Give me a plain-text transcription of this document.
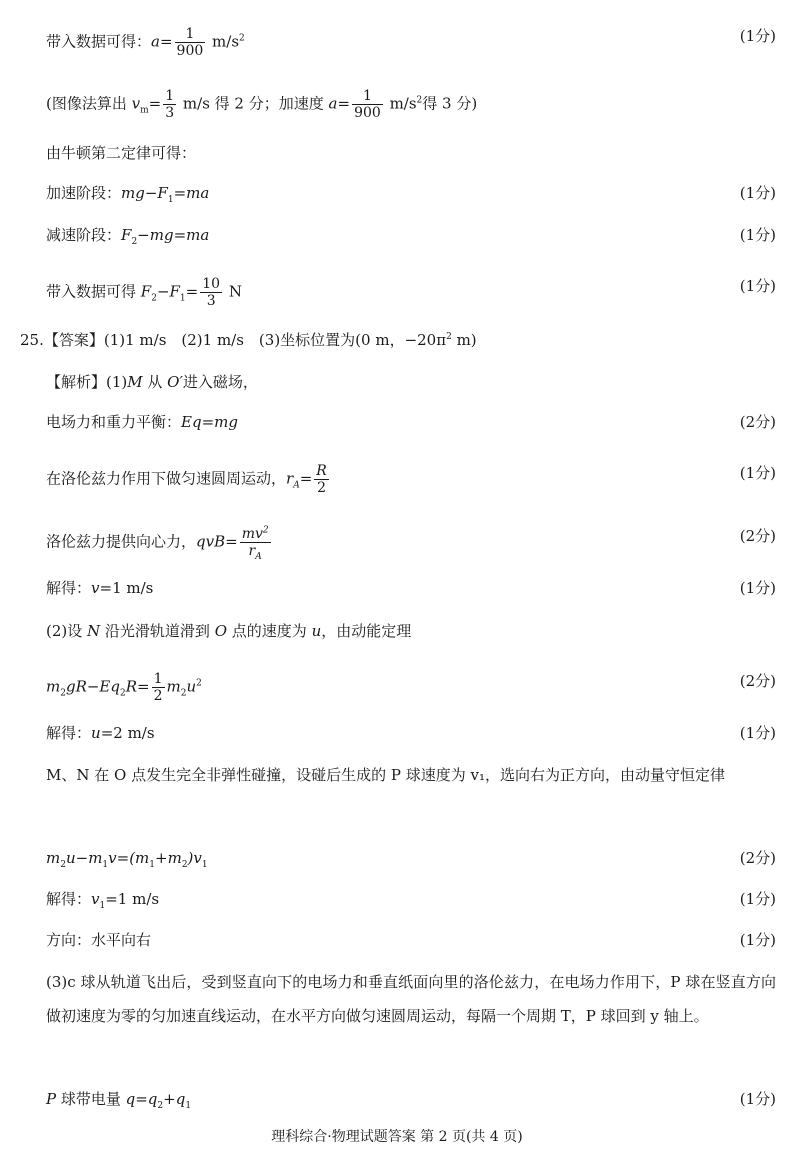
带入数据可得：$a= \frac{1}{900} m/s^2$	(1分)
(图像法算出 $v_m= \frac{1}{3} m/s$ 得 2 分；加速度 $a= \frac{1}{900} m/s^2$得 3 分)
由牛顿第二定律可得：
加速阶段：$mg-F_1=ma$	(1分)
减速阶段：$F_2-mg=ma$	(1分)
带入数据可得 $F_2-F_1= \frac{10}{3}$ N	(1分)
25.【答案】(1)1 m/s　(2)1 m/s　(3)坐标位置为(0 m，$-20\pi^2$ m)
【解析】(1)M 从 O′进入磁场，
电场力和重力平衡：Eq=mg	(2分)
在洛伦兹力作用下做匀速圆周运动，$r_A= \frac{R}{2}$	(1分)
洛伦兹力提供向心力，$qvB= \frac{mv^2}{r_A}$	(2分)
解得：v=1 m/s	(1分)
(2)设 N 沿光滑轨道滑到 O 点的速度为 u，由动能定理
$m_2gR-Eq_2R= \frac{1}{2} m_2u^2$	(2分)
解得：u=2 m/s	(1分)
M、N 在 O 点发生完全非弹性碰撞，设碰后生成的 P 球速度为 v₁，选向右为正方向，由动量守恒定律
$m_2u-m_1v=(m_1+m_2)v_1$	(2分)
解得：$v_1=1$ m/s	(1分)
方向：水平向右	(1分)
(3)c 球从轨道飞出后，受到竖直向下的电场力和垂直纸面向里的洛伦兹力，在电场力作用下，P 球在竖直方向做初速度为零的匀加速直线运动，在水平方向做匀速圆周运动，每隔一个周期 T，P 球回到 y 轴上。
P 球带电量 $q=q_2+q_1$	(1分)
理科综合·物理试题答案 第 2 页(共 4 页)
